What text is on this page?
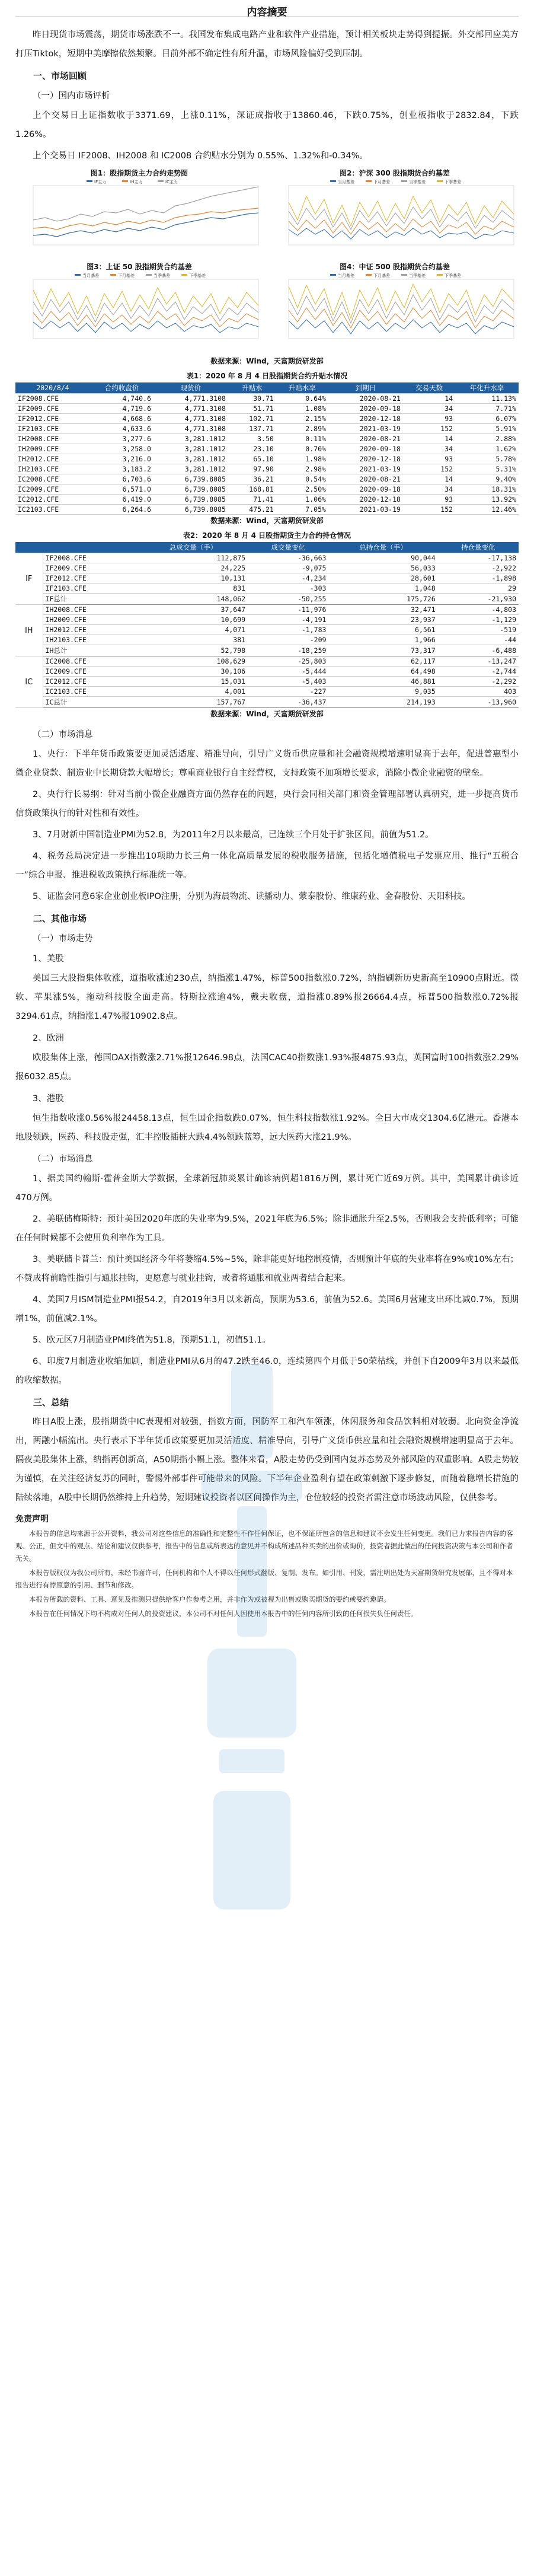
内容摘要

昨日现货市场震荡，期货市场涨跌不一。我国发布集成电路产业和软件产业措施，预计相关板块走势得到提振。外交部回应美方打压Tiktok，短期中美摩擦依然频繁。目前外部不确定性有所升温，市场风险偏好受到压制。

一、市场回顾
（一）国内市场评析

上个交易日上证指数收于3371.69，上涨0.11%，深证成指收于13860.46，下跌0.75%，创业板指收于2832.84，下跌1.26%。

上个交易日 IF2008、IH2008 和 IC2008 合约贴水分别为 0.55%、1.32%和-0.34%。

图1：股指期货主力合约走势图
IF主力	IH主力	IC主力
图2：沪深 300 股指期货合约基差
当月基差	下月基差	当季基差	下季基差
图3：上证 50 股指期货合约基差
当月基差	下月基差	当季基差	下季基差
图4：中证 500 股指期货合约基差
当月基差	下月基差	当季基差	下季基差
数据来源：Wind，天富期货研发部
表1：2020 年 8 月 4 日股指期货合约升贴水情况
2020/8/4	合约收盘价	现货价	升贴水	升贴水率	到期日	交易天数	年化升水率
IF2008.CFE	4,740.6	4,771.3108	30.71	0.64%	2020-08-21	14	11.13%
IF2009.CFE	4,719.6	4,771.3108	51.71	1.08%	2020-09-18	34	7.71%
IF2012.CFE	4,668.6	4,771.3108	102.71	2.15%	2020-12-18	93	6.07%
IF2103.CFE	4,633.6	4,771.3108	137.71	2.89%	2021-03-19	152	5.91%
IH2008.CFE	3,277.6	3,281.1012	3.50	0.11%	2020-08-21	14	2.88%
IH2009.CFE	3,258.0	3,281.1012	23.10	0.70%	2020-09-18	34	1.62%
IH2012.CFE	3,216.0	3,281.1012	65.10	1.98%	2020-12-18	93	5.78%
IH2103.CFE	3,183.2	3,281.1012	97.90	2.98%	2021-03-19	152	5.31%
IC2008.CFE	6,703.6	6,739.8085	36.21	0.54%	2020-08-21	14	9.40%
IC2009.CFE	6,571.0	6,739.8085	168.81	2.50%	2020-09-18	34	18.31%
IC2012.CFE	6,419.0	6,739.8085	71.41	1.06%	2020-12-18	93	13.92%
IC2103.CFE	6,264.6	6,739.8085	475.21	7.05%	2021-03-19	152	12.46%
数据来源：Wind，天富期货研发部
表2：2020 年 8 月 4 日股指期货主力合约持仓情况
		总成交量（手）	成交量变化	总持仓量（手）	持仓量变化
IF	IF2008.CFE	112,875	-36,663	90,044	-17,138
	IF2009.CFE	24,225	-9,075	56,033	-2,922
	IF2012.CFE	10,131	-4,234	28,601	-1,898
	IF2103.CFE	831	-303	1,048	29
	IF总计	148,062	-50,255	175,726	-21,930
IH	IH2008.CFE	37,647	-11,976	32,471	-4,803
	IH2009.CFE	10,699	-4,191	23,937	-1,129
	IH2012.CFE	4,071	-1,783	6,561	-519
	IH2103.CFE	381	-209	1,966	-44
	IH总计	52,798	-18,259	73,317	-6,488
IC	IC2008.CFE	108,629	-25,803	62,117	-13,247
	IC2009.CFE	30,106	-5,444	64,498	-2,744
	IC2012.CFE	15,031	-5,403	46,881	-2,292
	IC2103.CFE	4,001	-227	9,035	403
	IC总计	157,767	-36,437	214,193	-13,960
数据来源：Wind，天富期货研发部
（二）市场消息

1、央行：下半年货币政策要更加灵活适度、精准导向，引导广义货币供应量和社会融资规模增速明显高于去年，促进普惠型小微企业贷款、制造业中长期贷款大幅增长；尊重商业银行自主经营权，支持政策不加项增长要求，消除小微企业融资的壁垒。

2、央行行长易纲：针对当前小微企业融资方面仍然存在的问题，央行会同相关部门和资金管理部署认真研究，进一步提高货币信贷政策执行的针对性和有效性。

3、7月财新中国制造业PMI为52.8，为2011年2月以来最高，已连续三个月处于扩张区间，前值为51.2。

4、税务总局决定进一步推出10项助力长三角一体化高质量发展的税收服务措施，包括化增值税电子发票应用、推行“五税合一”综合申报、推进税收政策执行标准统一等。

5、证监会同意6家企业创业板IPO注册，分别为海晨物流、读播动力、蒙泰股份、维康药业、金春股份、天阳科技。

二、其他市场
（一）市场走势
1、美股

美国三大股指集体收涨，道指收涨逾230点，纳指涨1.47%，标普500指数涨0.72%，纳指刷新历史新高至10900点附近。微软、苹果涨5%，拖动科技股全面走高。特斯拉涨逾4%，戴夫收盘，道指涨0.89%报26664.4点，标普500指数涨0.72%报3294.61点，纳指涨1.47%报10902.8点。

2、欧洲

欧股集体上涨，德国DAX指数涨2.71%报12646.98点，法国CAC40指数涨1.93%报4875.93点，英国富时100指数涨2.29%报6032.85点。

3、港股

恒生指数收涨0.56%报24458.13点，恒生国企指数跌0.07%，恒生科技指数涨1.92%。全日大市成交1304.6亿港元。香港本地股领跌，医药、科技股走强，汇丰控股插桩大跌4.4%领跌蓝筹，远大医药大涨21.9%。

（二）市场消息

1、据美国约翰斯·霍普金斯大学数据，全球新冠肺炎累计确诊病例超1816万例，累计死亡近69万例。其中，美国累计确诊近470万例。

2、美联储梅斯特：预计美国2020年底的失业率为9.5%，2021年底为6.5%；除非通胀升至2.5%，否则我会支持低利率；可能在任何时候都不会使用负利率作为工具。

3、美联储卡普兰：预计美国经济今年将萎缩4.5%~5%，除非能更好地控制疫情，否则预计年底的失业率将在9%或10%左右；不赞成将前瞻性指引与通胀挂钩，更愿意与就业挂钩，或者将通胀和就业两者结合起来。

4、美国7月ISM制造业PMI报54.2，自2019年3月以来新高，预期为53.6，前值为52.6。美国6月营建支出环比减0.7%，预期增1%，前值减2.1%。

5、欧元区7月制造业PMI终值为51.8，预期51.1，初值51.1。

6、印度7月制造业收缩加剧，制造业PMI从6月的47.2跌至46.0，连续第四个月低于50荣枯线，并创下自2009年3月以来最低的收缩数据。

三、总结

昨日A股上涨，股指期货中IC表现相对较强，指数方面，国防军工和汽车领涨，休闲服务和食品饮料相对较弱。北向资金净流出，两融小幅流出。央行表示下半年货币政策要更加灵活适度、精准导向，引导广义货币供应量和社会融资规模增速明显高于去年。隔夜美股集体上涨，纳指再创新高，A50期指小幅上涨。整体来看，A股走势仍受到国内复苏态势及外部风险的双重影响。A股走势较为谨慎，在关注经济复苏的同时，警惕外部事件可能带来的风险。下半年企业盈利有望在政策刺激下逐步修复，而随着稳增长措施的陆续落地，A股中长期仍然维持上升趋势，短期建议投资者以区间操作为主，仓位较轻的投资者需注意市场波动风险，仅供参考。

免责声明

本报告的信息均来源于公开资料，我公司对这些信息的准确性和完整性不作任何保证，也不保证所包含的信息和建议不会发生任何变更。我们已力求报告内容的客观、公正，但文中的观点、结论和建议仅供参考，报告中的信息或所表达的意见并不构成所述品种买卖的出价或询价，投资者据此做出的任何投资决策与本公司和作者无关。

本报告版权仅为我公司所有，未经书面许可，任何机构和个人不得以任何形式翻版、复制、发布。如引用、刊发，需注明出处为天富期货研究发展部，且不得对本报告进行有悖原意的引用、删节和修改。

本报告所载的资料、工具、意见及推测只提供给客户作参考之用，并非作为或被视为出售或购买期货的要约或要约邀请。

本报告在任何情况下均不构成对任何人的投资建议，本公司不对任何人因使用本报告中的任何内容所引致的任何损失负任何责任。
